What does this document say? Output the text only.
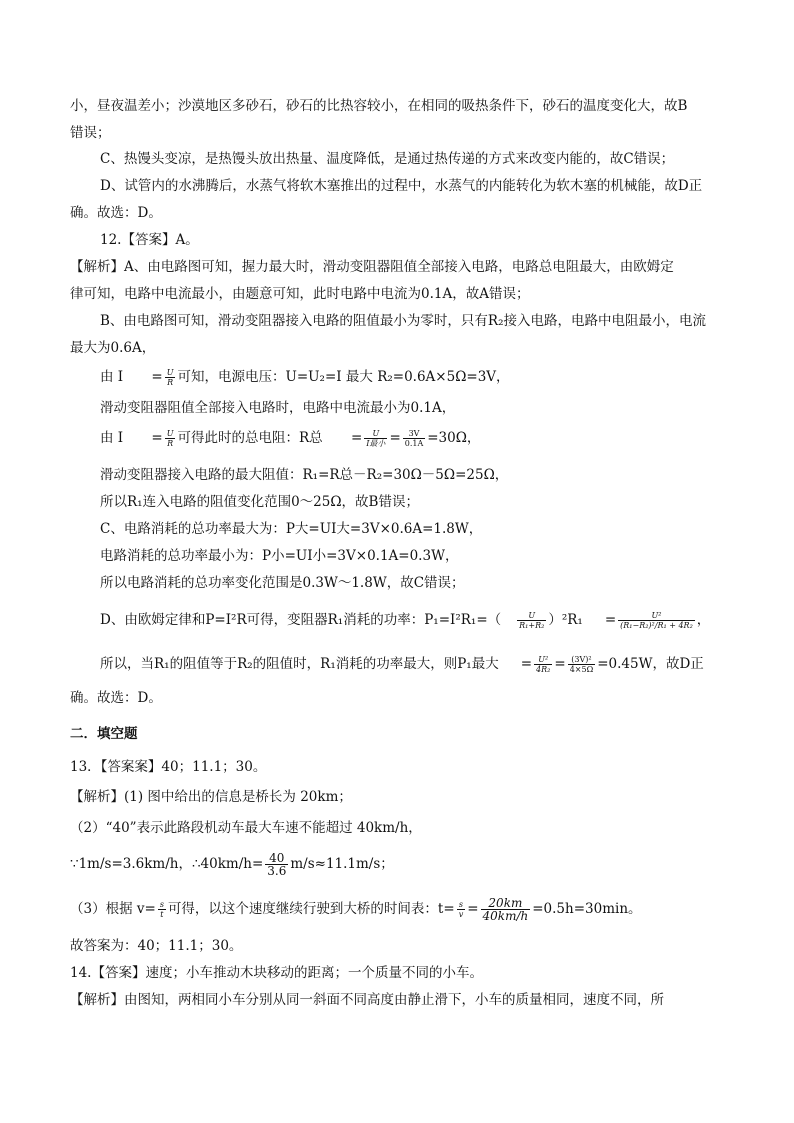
小，昼夜温差小；沙漠地区多砂石，砂石的比热容较小，在相同的吸热条件下，砂石的温度变化大，故B
错误；
C、热馒头变凉，是热馒头放出热量、温度降低，是通过热传递的方式来改变内能的，故C错误；
D、试管内的水沸腾后，水蒸气将软木塞推出的过程中，水蒸气的内能转化为软木塞的机械能，故D正
确。故选：D。
12.【答案】A。
【解析】A、由电路图可知，握力最大时，滑动变阻器阻值全部接入电路，电路总电阻最大，由欧姆定
律可知，电路中电流最小，由题意可知，此时电路中电流为0.1A，故A错误；
B、由电路图可知，滑动变阻器接入电路的阻值最小为零时，只有R₂接入电路，电路中电阻最小，电流
最大为0.6A，
由 $I = \frac{U}{R}$ 可知，电源电压：U=U₂=I 最大 R₂=0.6A×5Ω=3V，
滑动变阻器阻值全部接入电路时，电路中电流最小为0.1A，
由 $I = \frac{U}{R}$ 可得此时的总电阻：R总 = $\frac{U}{\text{I最小}} = \frac{3V}{0.1A} =30\Omega$，
滑动变阻器接入电路的最大阻值：R₁=R总－R₂=30Ω－5Ω=25Ω，
所以R₁连入电路的阻值变化范围0～25Ω，故B错误；
C、电路消耗的总功率最大为：P大=UI大=3V×0.6A=1.8W，
电路消耗的总功率最小为：P小=UI小=3V×0.1A=0.3W，
所以电路消耗的总功率变化范围是0.3W～1.8W，故C错误；
D、由欧姆定律和P=I²R可得，变阻器R₁消耗的功率：$P_1=I^2R_1=( \frac{U}{\text{R₁+R₂}} )^2R_1 = \frac{\text{U²}}{\text{(R₁−R₂)²/R₁ + 4R₂}}$ ，
所以，当R₁的阻值等于R₂的阻值时，R₁消耗的功率最大，则P₁最大 = $\frac{\text{U²}}{\text{4R₂}} = \frac{\text{(3V)²}}{4\times 5\Omega} =0.45W$，故D正
确。故选：D。
二．填空题
13．【答案案】40；11.1；30。
【解析】(1) 图中给出的信息是桥长为 20km；
（2）“40”表示此路段机动车最大车速不能超过 40km/h，
∵1m/s=3.6km/h，∴40km/h= $\frac{40}{3.6} m/s\approx 11.1m/s$；
（3）根据 $v= \frac{s}{t}$ 可得，以这个速度继续行驶到大桥的时间表：$t= \frac{s}{v} = \frac{20km}{40km/h} =0.5h=30\min$。
故答案为：40；11.1；30。
14.【答案】速度；小车推动木块移动的距离；一个质量不同的小车。
【解析】由图知，两相同小车分别从同一斜面不同高度由静止滑下，小车的质量相同，速度不同，所
